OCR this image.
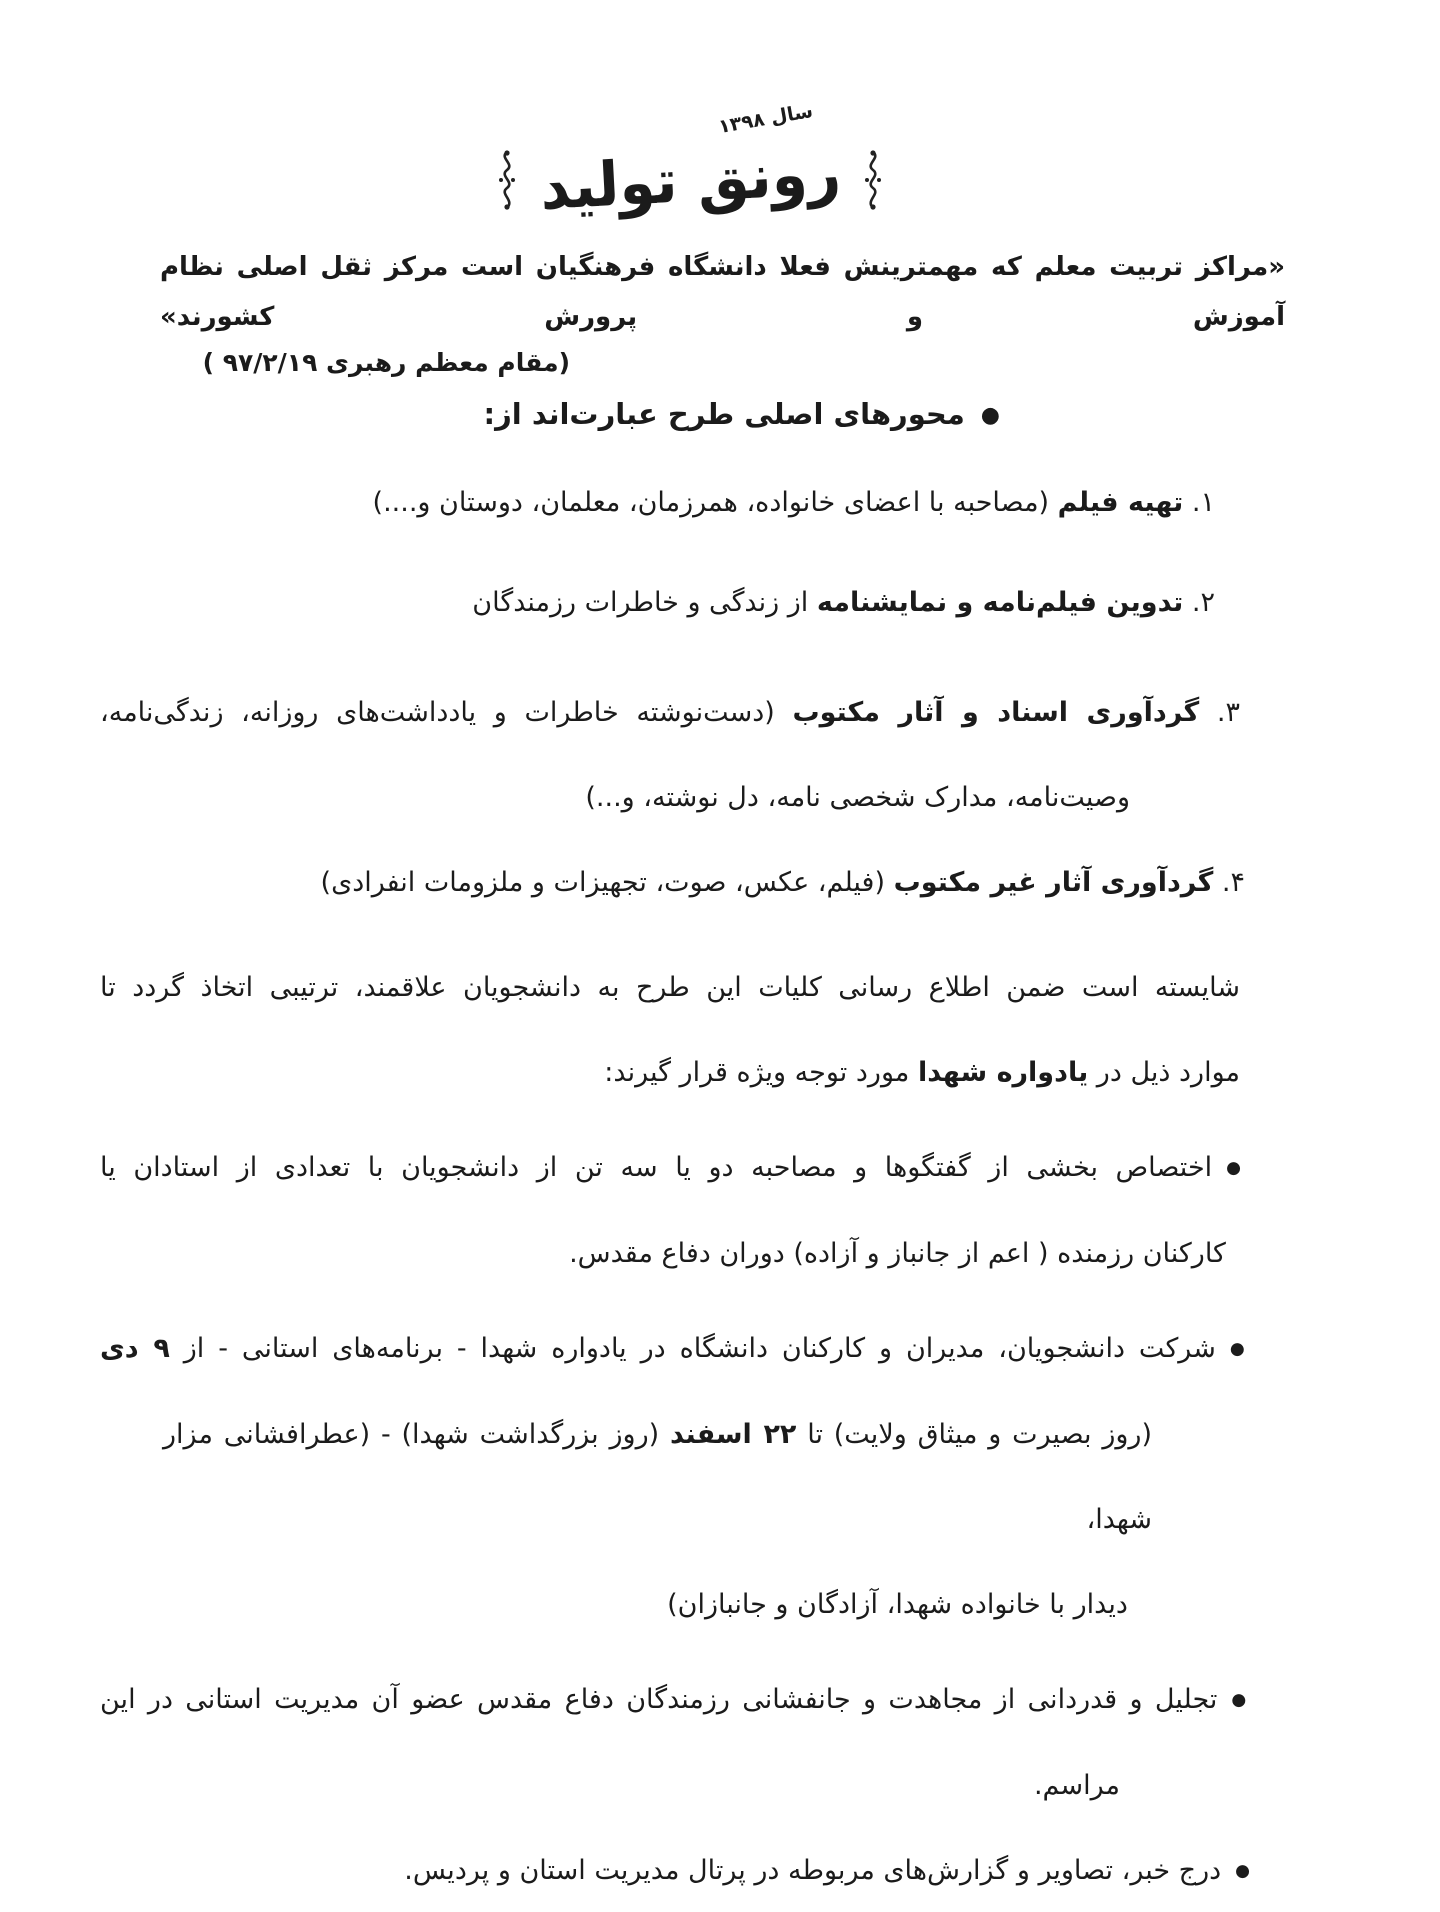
سال ۱۳۹۸
رونق تولید
«مراکز تربیت معلم که مهمترینش فعلا دانشگاه فرهنگیان است مرکز ثقل اصلی نظام آموزش و پرورش کشورند»
(مقام معظم رهبری ۹۷/۲/۱۹ )
●محورهای اصلی طرح عبارت‌اند از:
۱. تهیه فیلم (مصاحبه با اعضای خانواده، همرزمان، معلمان، دوستان و....)
۲. تدوین فیلم‌نامه و نمایشنامه از زندگی و خاطرات رزمندگان
۳. گردآوری اسناد و آثار مکتوب (دست‌نوشته خاطرات و یادداشت‌های روزانه، زندگی‌نامه،
وصیت‌نامه، مدارک شخصی نامه، دل نوشته، و...)
۴. گردآوری آثار غیر مکتوب (فیلم، عکس، صوت، تجهیزات و ملزومات انفرادی)
شایسته است ضمن اطلاع رسانی کلیات این طرح به دانشجویان علاقمند، ترتیبی اتخاذ گردد تا
موارد ذیل در یادواره شهدا مورد توجه ویژه قرار گیرند:
●اختصاص بخشی از گفتگوها و مصاحبه دو یا سه تن از دانشجویان با تعدادی از استادان یا
کارکنان رزمنده ( اعم از جانباز و آزاده) دوران دفاع مقدس.
●شرکت دانشجویان، مدیران و کارکنان دانشگاه در یادواره شهدا - برنامه‌های استانی - از ۹ دی
(روز بصیرت و میثاق ولایت) تا ۲۲ اسفند (روز بزرگداشت شهدا) - (عطرافشانی مزار شهدا،
دیدار با خانواده شهدا، آزادگان و جانبازان)
●تجلیل و قدردانی از مجاهدت و جانفشانی رزمندگان دفاع مقدس عضو آن مدیریت استانی در این
مراسم.
●درج خبر، تصاویر و گزارش‌های مربوطه در پرتال مدیریت استان و پردیس.
